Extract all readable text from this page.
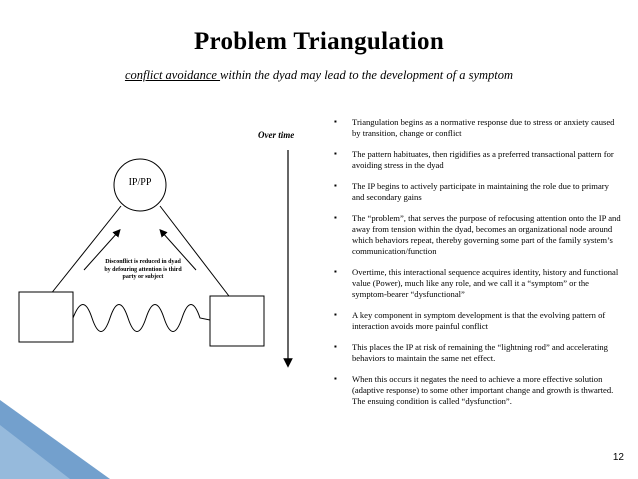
Problem Triangulation
conflict avoidance within the dyad may lead to the development of a symptom
Over time
IP/PP
Disconflict is reduced in dyad by defouring attention is third party or subject
▪ Triangulation begins as a normative response due to stress or anxiety caused by transition, change or conflict
▪ The pattern habituates, then rigidifies as a preferred transactional pattern for avoiding stress in the dyad
▪ The IP begins to actively participate in maintaining the role due to primary and secondary gains
▪ The “problem”, that serves the purpose of refocusing attention onto the IP and away from tension within the dyad, becomes an organizational node around which behaviors repeat, thereby governing some part of the family system’s communication/function
▪ Overtime, this interactional sequence acquires identity, history and functional value (Power), much like any role, and we call it a “symptom” or the symptom-bearer “dysfunctional”
▪ A key component in symptom development is that the evolving pattern of interaction avoids more painful conflict
▪ This places the IP at risk of remaining the “lightning rod” and accelerating behaviors to maintain the same net effect.
▪ When this occurs it negates the need to achieve a more effective solution (adaptive response) to some other important change and growth is thwarted. The ensuing condition is called “dysfunction”.
12
